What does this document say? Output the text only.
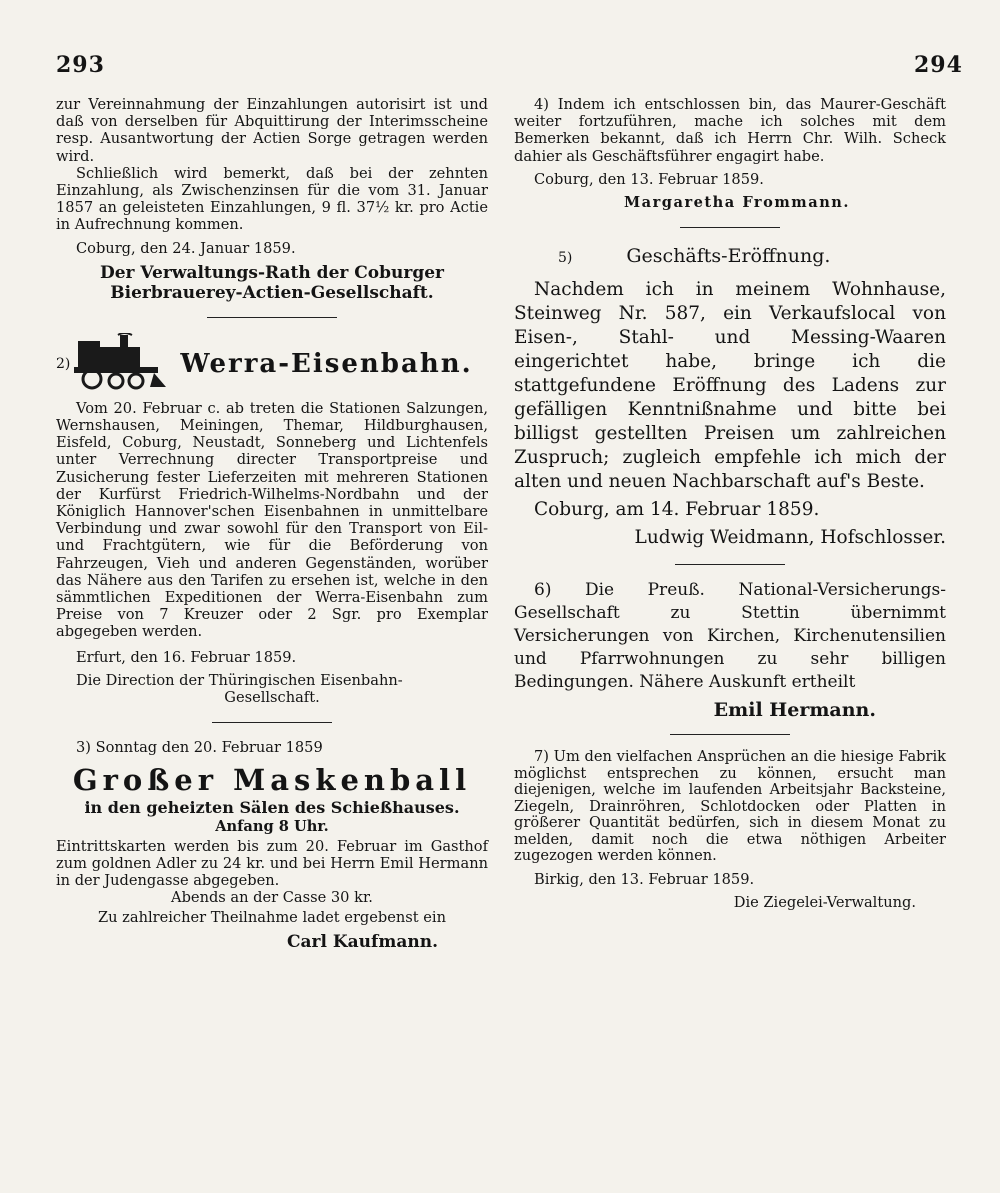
293	294

zur Vereinnahmung der Einzahlungen autorisirt ist und daß von derselben für Abquittirung der Interimsscheine resp. Ausantwortung der Actien Sorge getragen werden wird.

Schließlich wird bemerkt, daß bei der zehnten Einzahlung, als Zwischenzinsen für die vom 31. Januar 1857 an geleisteten Einzahlungen, 9 fl. 37½ kr. pro Actie in Aufrechnung kommen.

Coburg, den 24. Januar 1859.

Der Verwaltungs-Rath der Coburger

Bierbrauerey-Actien-Gesellschaft.

2)	Werra-Eisenbahn.

Vom 20. Februar c. ab treten die Stationen Salzungen, Wernshausen, Meiningen, Themar, Hildburghausen, Eisfeld, Coburg, Neustadt, Sonneberg und Lichtenfels unter Verrechnung directer Transportpreise und Zusicherung fester Lieferzeiten mit mehreren Stationen der Kurfürst Friedrich-Wilhelms-Nordbahn und der Königlich Hannover'schen Eisenbahnen in unmittelbare Verbindung und zwar sowohl für den Transport von Eil- und Frachtgütern, wie für die Beförderung von Fahrzeugen, Vieh und anderen Gegenständen, worüber das Nähere aus den Tarifen zu ersehen ist, welche in den sämmtlichen Expeditionen der Werra-Eisenbahn zum Preise von 7 Kreuzer oder 2 Sgr. pro Exemplar abgegeben werden.

Erfurt, den 16. Februar 1859.

Die Direction der Thüringischen Eisenbahn-

Gesellschaft.

3) Sonntag den 20. Februar 1859

Großer Maskenball

in den geheizten Sälen des Schießhauses.

Anfang 8 Uhr.

Eintrittskarten werden bis zum 20. Februar im Gasthof zum goldnen Adler zu 24 kr. und bei Herrn Emil Hermann in der Judengasse abgegeben.

Abends an der Casse 30 kr.

Zu zahlreicher Theilnahme ladet ergebenst ein

Carl Kaufmann.

4) Indem ich entschlossen bin, das Maurer-Geschäft weiter fortzuführen, mache ich solches mit dem Bemerken bekannt, daß ich Herrn Chr. Wilh. Scheck dahier als Geschäftsführer engagirt habe.

Coburg, den 13. Februar 1859.

Margaretha Frommann.

5)	Geschäfts-Eröffnung.

Nachdem ich in meinem Wohnhause, Steinweg Nr. 587, ein Verkaufslocal von Eisen-, Stahl- und Messing-Waaren eingerichtet habe, bringe ich die stattgefundene Eröffnung des Ladens zur gefälligen Kenntnißnahme und bitte bei billigst gestellten Preisen um zahlreichen Zuspruch; zugleich empfehle ich mich der alten und neuen Nachbarschaft auf's Beste.

Coburg, am 14. Februar 1859.

Ludwig Weidmann, Hofschlosser.

6) Die Preuß. National-Versicherungs-Gesellschaft zu Stettin übernimmt Versicherungen von Kirchen, Kirchenutensilien und Pfarrwohnungen zu sehr billigen Bedingungen. Nähere Auskunft ertheilt

Emil Hermann.

7) Um den vielfachen Ansprüchen an die hiesige Fabrik möglichst entsprechen zu können, ersucht man diejenigen, welche im laufenden Arbeitsjahr Backsteine, Ziegeln, Drainröhren, Schlotdocken oder Platten in größerer Quantität bedürfen, sich in diesem Monat zu melden, damit noch die etwa nöthigen Arbeiter zugezogen werden können.

Birkig, den 13. Februar 1859.

Die Ziegelei-Verwaltung.
